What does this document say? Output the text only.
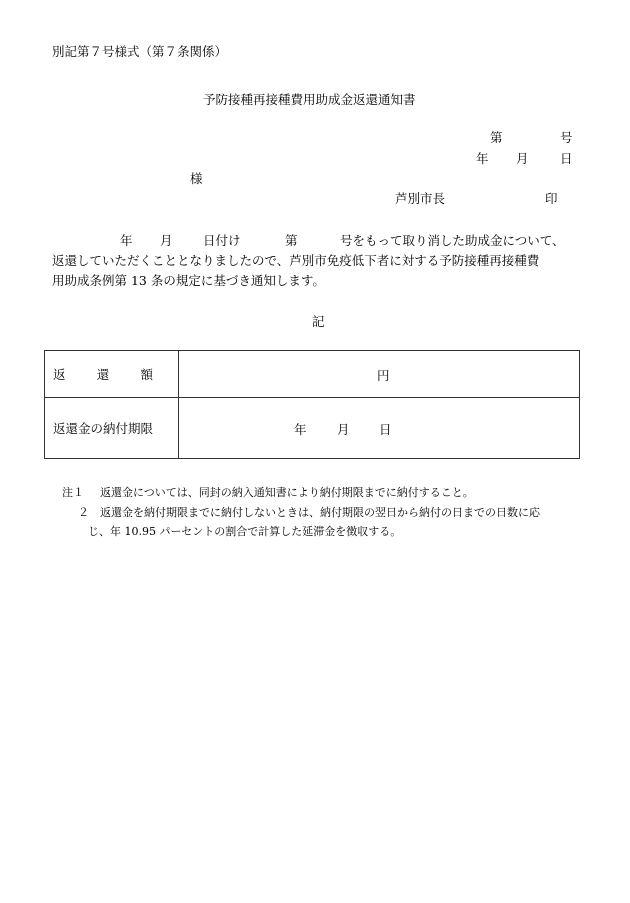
別記第７号様式（第７条関係）
予防接種再接種費用助成金返還通知書
第	号
年 月	日
様
芦別市長	印
年 月 日付け	第	号をもって取り消した助成金について、
返還していただくこととなりましたので、芦別市免疫低下者に対する予防接種再接種費
用助成条例第 13 条の規定に基づき通知します。
記
返 還 額	円

返還金の納付期限	年 月 日
注１ 返還金については、同封の納入通知書により納付期限までに納付すること。
２ 返還金を納付期限までに納付しないときは、納付期限の翌日から納付の日までの日数に応
じ、年 10.95 パーセントの割合で計算した延滞金を徴収する。
